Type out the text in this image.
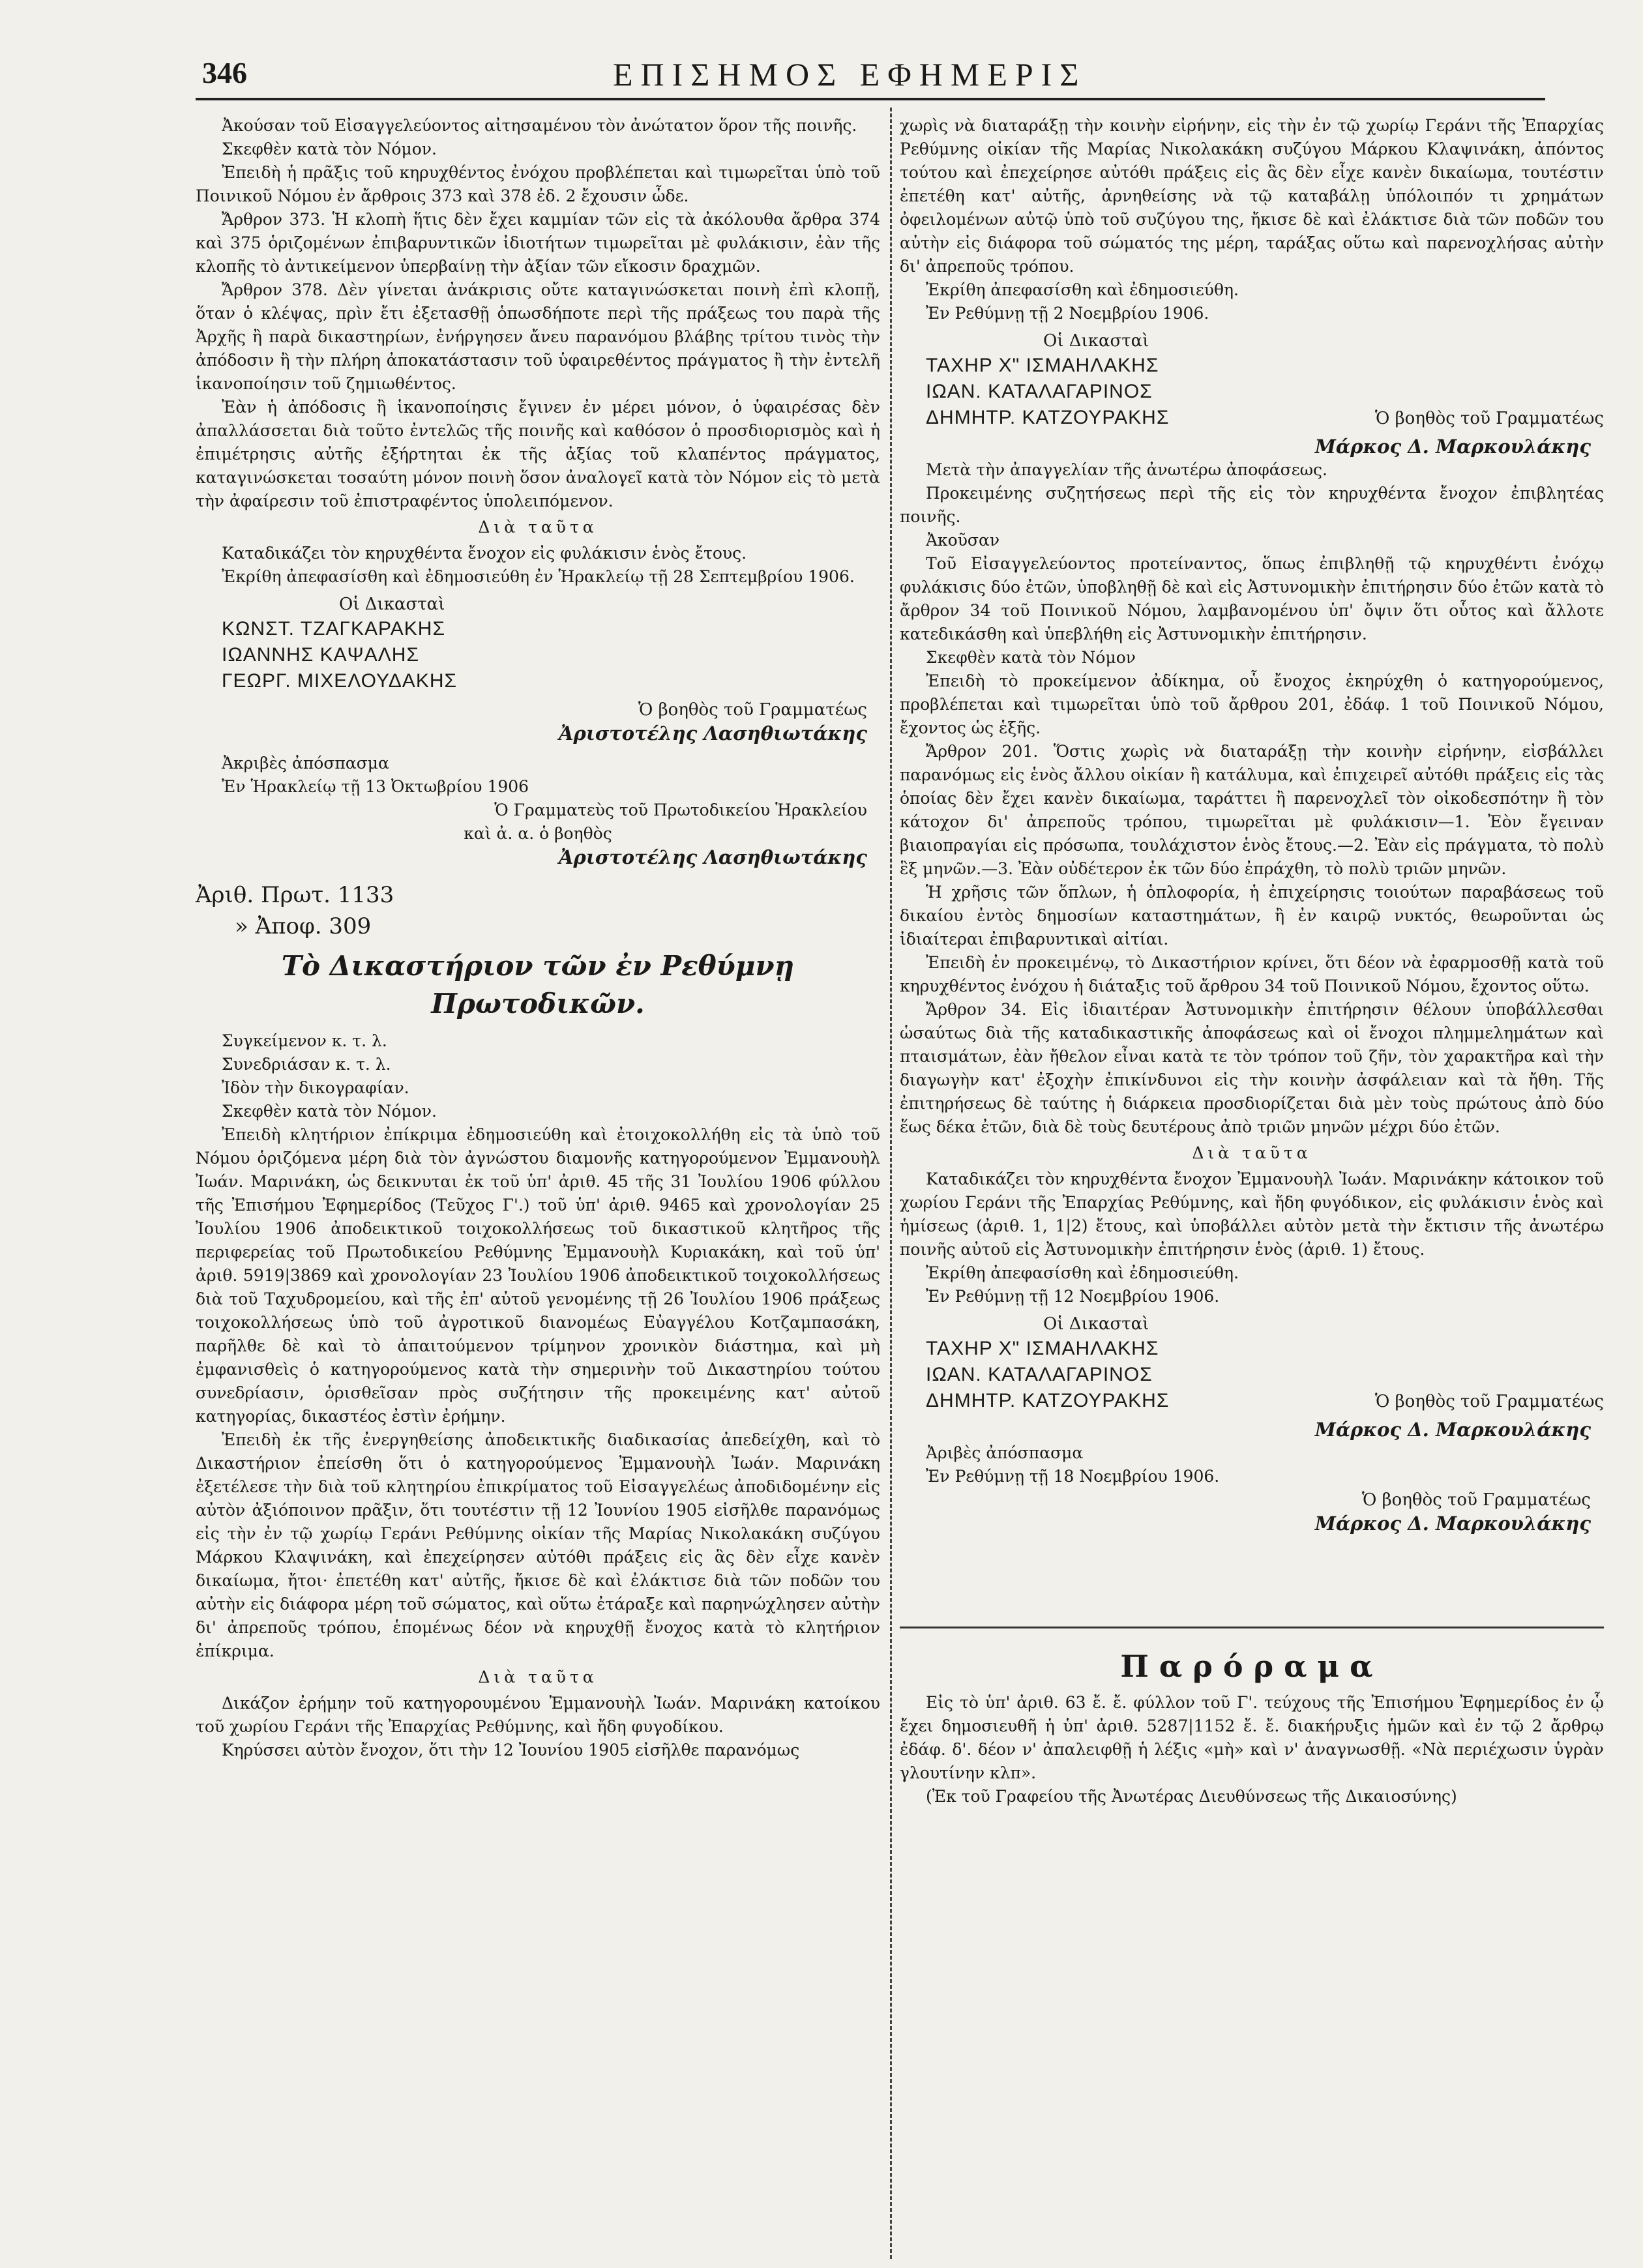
346	ΕΠΙΣΗΜΟΣ ΕΦΗΜΕΡΙΣ

Ἀκούσαν τοῦ Εἰσαγγελεύοντος αἰτησαμένου τὸν ἀνώτατον ὅρον τῆς ποινῆς.

Σκεφθὲν κατὰ τὸν Νόμον.

Ἐπειδὴ ἡ πρᾶξις τοῦ κηρυχθέντος ἐνόχου προβλέπεται καὶ τιμωρεῖται ὑπὸ τοῦ Ποινικοῦ Νόμου ἐν ἄρθροις 373 καὶ 378 ἐδ. 2 ἔχουσιν ὧδε.

Ἄρθρον 373. Ἡ κλοπὴ ἥτις δὲν ἔχει καμμίαν τῶν εἰς τὰ ἀκόλουθα ἄρθρα 374 καὶ 375 ὁριζομένων ἐπιβαρυντικῶν ἰδιοτήτων τιμωρεῖται μὲ φυλάκισιν, ἐὰν τῆς κλοπῆς τὸ ἀντικείμενον ὑπερβαίνῃ τὴν ἀξίαν τῶν εἴκοσιν δραχμῶν.

Ἄρθρον 378. Δὲν γίνεται ἀνάκρισις οὔτε καταγινώσκεται ποινὴ ἐπὶ κλοπῇ, ὅταν ὁ κλέψας, πρὶν ἔτι ἐξετασθῇ ὁπωσδήποτε περὶ τῆς πράξεως του παρὰ τῆς Ἀρχῆς ἢ παρὰ δικαστηρίων, ἐνήργησεν ἄνευ παρανόμου βλάβης τρίτου τινὸς τὴν ἀπόδοσιν ἢ τὴν πλήρη ἀποκατάστασιν τοῦ ὑφαιρεθέντος πράγματος ἢ τὴν ἐντελῆ ἱκανοποίησιν τοῦ ζημιωθέντος.

Ἐὰν ἡ ἀπόδοσις ἢ ἱκανοποίησις ἔγινεν ἐν μέρει μόνον, ὁ ὑφαιρέσας δὲν ἀπαλλάσσεται διὰ τοῦτο ἐντελῶς τῆς ποινῆς καὶ καθόσον ὁ προσδιορισμὸς καὶ ἡ ἐπιμέτρησις αὐτῆς ἐξήρτηται ἐκ τῆς ἀξίας τοῦ κλαπέντος πράγματος, καταγινώσκεται τοσαύτη μόνον ποινὴ ὅσον ἀναλογεῖ κατὰ τὸν Νόμον εἰς τὸ μετὰ τὴν ἀφαίρεσιν τοῦ ἐπιστραφέντος ὑπολειπόμενον.

Διὰ ταῦτα

Καταδικάζει τὸν κηρυχθέντα ἔνοχον εἰς φυλάκισιν ἑνὸς ἔτους.

Ἐκρίθη ἀπεφασίσθη καὶ ἐδημοσιεύθη ἐν Ἡρακλείῳ τῇ 28 Σεπτεμβρίου 1906.

Οἱ Δικασταὶ
ΚΩΝΣΤ. ΤΖΑΓΚΑΡΑΚΗΣ
ΙΩΑΝΝΗΣ ΚΑΨΑΛΗΣ
ΓΕΩΡΓ. ΜΙΧΕΛΟΥΔΑΚΗΣ
Ὁ βοηθὸς τοῦ Γραμματέως
Ἀριστοτέλης Λασηθιωτάκης

Ἀκριβὲς ἀπόσπασμα

Ἐν Ἡρακλείῳ τῇ 13 Ὀκτωβρίου 1906

Ὁ Γραμματεὺς τοῦ Πρωτοδικείου Ἡρακλείου
καὶ ἀ. α. ὁ βοηθὸς
Ἀριστοτέλης Λασηθιωτάκης
Ἀριθ. Πρωτ. 1133
» Ἀποφ. 309
Τὸ Δικαστήριον τῶν ἐν Ρεθύμνῃ Πρωτοδικῶν.

Συγκείμενον κ. τ. λ.

Συνεδριάσαν κ. τ. λ.

Ἰδὸν τὴν δικογραφίαν.

Σκεφθὲν κατὰ τὸν Νόμον.

Ἐπειδὴ κλητήριον ἐπίκριμα ἐδημοσιεύθη καὶ ἐτοιχοκολλήθη εἰς τὰ ὑπὸ τοῦ Νόμου ὁριζόμενα μέρη διὰ τὸν ἀγνώστου διαμονῆς κατηγορούμενον Ἐμμανουὴλ Ἰωάν. Μαρινάκη, ὡς δεικνυται ἐκ τοῦ ὑπ' ἀριθ. 45 τῆς 31 Ἰουλίου 1906 φύλλου τῆς Ἐπισήμου Ἐφημερίδος (Τεῦχος Γ'.) τοῦ ὑπ' ἀριθ. 9465 καὶ χρονολογίαν 25 Ἰουλίου 1906 ἀποδεικτικοῦ τοιχοκολλήσεως τοῦ δικαστικοῦ κλητῆρος τῆς περιφερείας τοῦ Πρωτοδικείου Ρεθύμνης Ἐμμανουὴλ Κυριακάκη, καὶ τοῦ ὑπ' ἀριθ. 5919|3869 καὶ χρονολογίαν 23 Ἰουλίου 1906 ἀποδεικτικοῦ τοιχοκολλήσεως διὰ τοῦ Ταχυδρομείου, καὶ τῆς ἐπ' αὐτοῦ γενομένης τῇ 26 Ἰουλίου 1906 πράξεως τοιχοκολλήσεως ὑπὸ τοῦ ἀγροτικοῦ διανομέως Εὐαγγέλου Κοτζαμπασάκη, παρῆλθε δὲ καὶ τὸ ἀπαιτούμενον τρίμηνον χρονικὸν διάστημα, καὶ μὴ ἐμφανισθεὶς ὁ κατηγορούμενος κατὰ τὴν σημερινὴν τοῦ Δικαστηρίου τούτου συνεδρίασιν, ὁρισθεῖσαν πρὸς συζήτησιν τῆς προκειμένης κατ' αὐτοῦ κατηγορίας, δικαστέος ἐστὶν ἐρήμην.

Ἐπειδὴ ἐκ τῆς ἐνεργηθείσης ἀποδεικτικῆς διαδικασίας ἀπεδείχθη, καὶ τὸ Δικαστήριον ἐπείσθη ὅτι ὁ κατηγορούμενος Ἐμμανουὴλ Ἰωάν. Μαρινάκη ἐξετέλεσε τὴν διὰ τοῦ κλητηρίου ἐπικρίματος τοῦ Εἰσαγγελέως ἀποδιδομένην εἰς αὐτὸν ἀξιόποινον πρᾶξιν, ὅτι τουτέστιν τῇ 12 Ἰουνίου 1905 εἰσῆλθε παρανόμως εἰς τὴν ἐν τῷ χωρίῳ Γεράνι Ρεθύμνης οἰκίαν τῆς Μαρίας Νικολακάκη συζύγου Μάρκου Κλαψινάκη, καὶ ἐπεχείρησεν αὐτόθι πράξεις εἰς ἃς δὲν εἶχε κανὲν δικαίωμα, ἤτοι· ἐπετέθη κατ' αὐτῆς, ἤκισε δὲ καὶ ἐλάκτισε διὰ τῶν ποδῶν του αὐτὴν εἰς διάφορα μέρη τοῦ σώματος, καὶ οὕτω ἐτάραξε καὶ παρηνώχλησεν αὐτὴν δι' ἀπρεποῦς τρόπου, ἑπομένως δέον νὰ κηρυχθῇ ἔνοχος κατὰ τὸ κλητήριον ἐπίκριμα.

Διὰ ταῦτα

Δικάζον ἐρήμην τοῦ κατηγορουμένου Ἐμμανουὴλ Ἰωάν. Μαρινάκη κατοίκου τοῦ χωρίου Γεράνι τῆς Ἐπαρχίας Ρεθύμνης, καὶ ἤδη φυγοδίκου.

Κηρύσσει αὐτὸν ἔνοχον, ὅτι τὴν 12 Ἰουνίου 1905 εἰσῆλθε παρανόμως

χωρὶς νὰ διαταράξῃ τὴν κοινὴν εἰρήνην, εἰς τὴν ἐν τῷ χωρίῳ Γεράνι τῆς Ἐπαρχίας Ρεθύμνης οἰκίαν τῆς Μαρίας Νικολακάκη συζύγου Μάρκου Κλαψινάκη, ἀπόντος τούτου καὶ ἐπεχείρησε αὐτόθι πράξεις εἰς ἃς δὲν εἶχε κανὲν δικαίωμα, τουτέστιν ἐπετέθη κατ' αὐτῆς, ἀρνηθείσης νὰ τῷ καταβάλῃ ὑπόλοιπόν τι χρημάτων ὀφειλομένων αὐτῷ ὑπὸ τοῦ συζύγου της, ἤκισε δὲ καὶ ἐλάκτισε διὰ τῶν ποδῶν του αὐτὴν εἰς διάφορα τοῦ σώματός της μέρη, ταράξας οὕτω καὶ παρενοχλήσας αὐτὴν δι' ἀπρεποῦς τρόπου.

Ἐκρίθη ἀπεφασίσθη καὶ ἐδημοσιεύθη.

Ἐν Ρεθύμνῃ τῇ 2 Νοεμβρίου 1906.

Οἱ Δικασταὶ
ΤΑΧΗΡ Χ" ΙΣΜΑΗΛΑΚΗΣ
ΙΩΑΝ. ΚΑΤΑΛΑΓΑΡΙΝΟΣ
ΔΗΜΗΤΡ. ΚΑΤΖΟΥΡΑΚΗΣ	Ὁ βοηθὸς τοῦ Γραμματέως
Μάρκος Δ. Μαρκουλάκης

Μετὰ τὴν ἀπαγγελίαν τῆς ἀνωτέρω ἀποφάσεως.

Προκειμένης συζητήσεως περὶ τῆς εἰς τὸν κηρυχθέντα ἔνοχον ἐπιβλητέας ποινῆς.

Ἀκοῦσαν

Τοῦ Εἰσαγγελεύοντος προτείναντος, ὅπως ἐπιβληθῇ τῷ κηρυχθέντι ἐνόχῳ φυλάκισις δύο ἐτῶν, ὑποβληθῇ δὲ καὶ εἰς Ἀστυνομικὴν ἐπιτήρησιν δύο ἐτῶν κατὰ τὸ ἄρθρον 34 τοῦ Ποινικοῦ Νόμου, λαμβανομένου ὑπ' ὄψιν ὅτι οὗτος καὶ ἄλλοτε κατεδικάσθη καὶ ὑπεβλήθη εἰς Ἀστυνομικὴν ἐπιτήρησιν.

Σκεφθὲν κατὰ τὸν Νόμον

Ἐπειδὴ τὸ προκείμενον ἀδίκημα, οὗ ἔνοχος ἐκηρύχθη ὁ κατηγορούμενος, προβλέπεται καὶ τιμωρεῖται ὑπὸ τοῦ ἄρθρου 201, ἐδάφ. 1 τοῦ Ποινικοῦ Νόμου, ἔχοντος ὡς ἑξῆς.

Ἄρθρον 201. Ὅστις χωρὶς νὰ διαταράξῃ τὴν κοινὴν εἰρήνην, εἰσβάλλει παρανόμως εἰς ἑνὸς ἄλλου οἰκίαν ἢ κατάλυμα, καὶ ἐπιχειρεῖ αὐτόθι πράξεις εἰς τὰς ὁποίας δὲν ἔχει κανὲν δικαίωμα, ταράττει ἢ παρενοχλεῖ τὸν οἰκοδεσπότην ἢ τὸν κάτοχον δι' ἀπρεποῦς τρόπου, τιμωρεῖται μὲ φυλάκισιν—1. Ἐὸν ἔγειναν βιαιοπραγίαι εἰς πρόσωπα, τουλάχιστον ἑνὸς ἔτους.—2. Ἐὰν εἰς πράγματα, τὸ πολὺ ἓξ μηνῶν.—3. Ἐὰν οὐδέτερον ἐκ τῶν δύο ἐπράχθη, τὸ πολὺ τριῶν μηνῶν.

Ἡ χρῆσις τῶν ὅπλων, ἡ ὁπλοφορία, ἡ ἐπιχείρησις τοιούτων παραβάσεως τοῦ δικαίου ἐντὸς δημοσίων καταστημάτων, ἢ ἐν καιρῷ νυκτός, θεωροῦνται ὡς ἰδιαίτεραι ἐπιβαρυντικαὶ αἰτίαι.

Ἐπειδὴ ἐν προκειμένῳ, τὸ Δικαστήριον κρίνει, ὅτι δέον νὰ ἐφαρμοσθῇ κατὰ τοῦ κηρυχθέντος ἐνόχου ἡ διάταξις τοῦ ἄρθρου 34 τοῦ Ποινικοῦ Νόμου, ἔχοντος οὕτω.

Ἄρθρον 34. Εἰς ἰδιαιτέραν Ἀστυνομικὴν ἐπιτήρησιν θέλουν ὑποβάλλεσθαι ὡσαύτως διὰ τῆς καταδικαστικῆς ἀποφάσεως καὶ οἱ ἔνοχοι πλημμελημάτων καὶ πταισμάτων, ἐὰν ἤθελον εἶναι κατὰ τε τὸν τρόπον τοῦ ζῆν, τὸν χαρακτῆρα καὶ τὴν διαγωγὴν κατ' ἐξοχὴν ἐπικίνδυνοι εἰς τὴν κοινὴν ἀσφάλειαν καὶ τὰ ἤθη. Τῆς ἐπιτηρήσεως δὲ ταύτης ἡ διάρκεια προσδιορίζεται διὰ μὲν τοὺς πρώτους ἀπὸ δύο ἕως δέκα ἐτῶν, διὰ δὲ τοὺς δευτέρους ἀπὸ τριῶν μηνῶν μέχρι δύο ἐτῶν.

Διὰ ταῦτα

Καταδικάζει τὸν κηρυχθέντα ἔνοχον Ἐμμανουὴλ Ἰωάν. Μαρινάκην κάτοικον τοῦ χωρίου Γεράνι τῆς Ἐπαρχίας Ρεθύμνης, καὶ ἤδη φυγόδικον, εἰς φυλάκισιν ἑνὸς καὶ ἡμίσεως (ἀριθ. 1, 1|2) ἔτους, καὶ ὑποβάλλει αὐτὸν μετὰ τὴν ἔκτισιν τῆς ἀνωτέρω ποινῆς αὐτοῦ εἰς Ἀστυνομικὴν ἐπιτήρησιν ἑνὸς (ἀριθ. 1) ἔτους.

Ἐκρίθη ἀπεφασίσθη καὶ ἐδημοσιεύθη.

Ἐν Ρεθύμνῃ τῇ 12 Νοεμβρίου 1906.

Οἱ Δικασταὶ
ΤΑΧΗΡ Χ" ΙΣΜΑΗΛΑΚΗΣ
ΙΩΑΝ. ΚΑΤΑΛΑΓΑΡΙΝΟΣ
ΔΗΜΗΤΡ. ΚΑΤΖΟΥΡΑΚΗΣ	Ὁ βοηθὸς τοῦ Γραμματέως
Μάρκος Δ. Μαρκουλάκης

Ἀριβὲς ἀπόσπασμα

Ἐν Ρεθύμνῃ τῇ 18 Νοεμβρίου 1906.

Ὁ βοηθὸς τοῦ Γραμματέως
Μάρκος Δ. Μαρκουλάκης
Παρόραμα

Εἰς τὸ ὑπ' ἀριθ. 63 ἔ. ἔ. φύλλον τοῦ Γ'. τεύχους τῆς Ἐπισήμου Ἐφημερίδος ἐν ᾧ ἔχει δημοσιευθῆ ἡ ὑπ' ἀριθ. 5287|1152 ἔ. ἔ. διακήρυξις ἡμῶν καὶ ἐν τῷ 2 ἄρθρῳ ἐδάφ. δ'. δέον ν' ἀπαλειφθῇ ἡ λέξις «μὴ» καὶ ν' ἀναγνωσθῇ. «Νὰ περιέχωσιν ὑγρὰν γλουτίνην κλπ».

(Ἐκ τοῦ Γραφείου τῆς Ἀνωτέρας Διευθύνσεως τῆς Δικαιοσύνης)
